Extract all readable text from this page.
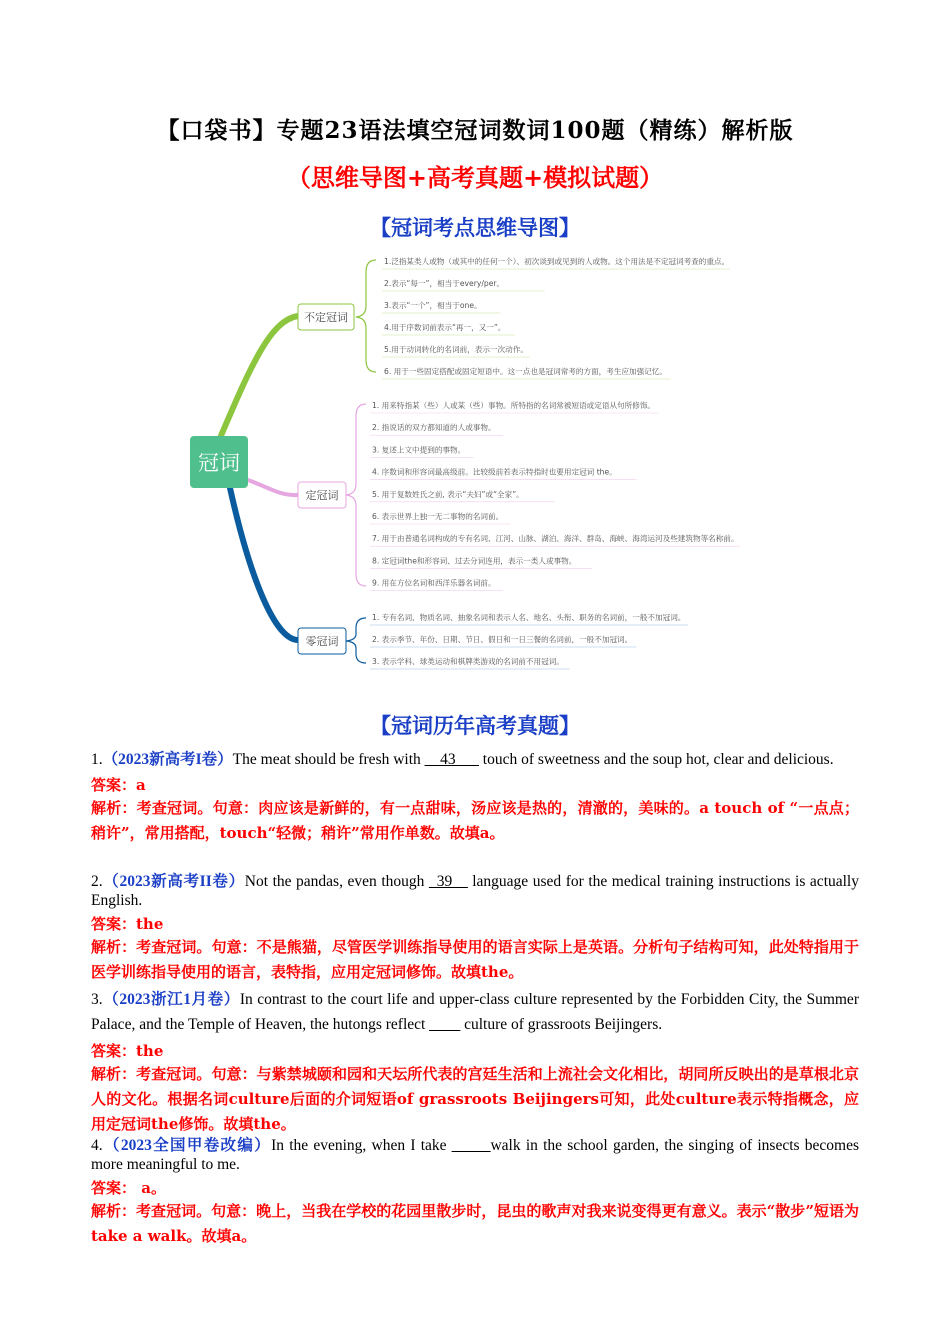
【口袋书】专题23语法填空冠词数词100题（精练）解析版
（思维导图+高考真题+模拟试题）
【冠词考点思维导图】
冠词
不定冠词
定冠词
零冠词
1.泛指某类人或物（或其中的任何一个）、初次谈到或见到的人或物。这个用法是不定冠词考查的重点。
2.表示“每一”，相当于every/per。
3.表示“一个”，相当于one。
4.用于序数词前表示“再一，又一”。
5.用于动词转化的名词前，表示一次动作。
6. 用于一些固定搭配或固定短语中。这一点也是冠词常考的方面，考生应加强记忆。
1. 用来特指某（些）人或某（些）事物。所特指的名词常被短语或定语从句所修饰。
2. 指说话的双方都知道的人或事物。
3. 复述上文中提到的事物。
4. 序数词和形容词最高级前。比较级前若表示特指时也要用定冠词 the。
5. 用于复数姓氏之前, 表示“夫妇”或“全家”。
6. 表示世界上独一无二事物的名词前。
7. 用于由普通名词构成的专有名词、江河、山脉、湖泊、海洋、群岛、海峡、海湾运河及些建筑物等名称前。
8. 定冠词the和形容词、过去分词连用，表示一类人或事物。
9. 用在方位名词和西洋乐器名词前。
1. 专有名词、物质名词、抽象名词和表示人名、地名、头衔、职务的名词前，一般不加冠词。
2. 表示季节、年份、日期、节日、假日和一日三餐的名词前，一般不加冠词。
3. 表示学科、球类运动和棋牌类游戏的名词前不用冠词。
【冠词历年高考真题】
1.（2023新高考I卷）The meat should be fresh with __43___ touch of sweetness and the soup hot, clear and delicious.
答案：a
解析：考查冠词。句意：肉应该是新鲜的，有一点甜味，汤应该是热的，清澈的，美味的。a touch of “一点点；稍许”，常用搭配，touch“轻微；稍许”常用作单数。故填a。
2.（2023新高考II卷）Not the pandas, even though _39__ language used for the medical training instructions is actually English.
答案：the
解析：考查冠词。句意：不是熊猫，尽管医学训练指导使用的语言实际上是英语。分析句子结构可知，此处特指用于医学训练指导使用的语言，表特指，应用定冠词修饰。故填the。
3.（2023浙江1月卷）In contrast to the court life and upper-class culture represented by the Forbidden City, the Summer Palace, and the Temple of Heaven, the hutongs reflect ____ culture of grassroots Beijingers.
答案：the
解析：考查冠词。句意：与紫禁城颐和园和天坛所代表的宫廷生活和上流社会文化相比，胡同所反映出的是草根北京人的文化。根据名词culture后面的介词短语of grassroots Beijingers可知，此处culture表示特指概念，应用定冠词the修饰。故填the。
4.（2023全国甲卷改编）In the evening, when I take _____walk in the school garden, the singing of insects becomes more meaningful to me.
答案： a。
解析：考查冠词。句意：晚上，当我在学校的花园里散步时，昆虫的歌声对我来说变得更有意义。表示“散步”短语为take a walk。故填a。
